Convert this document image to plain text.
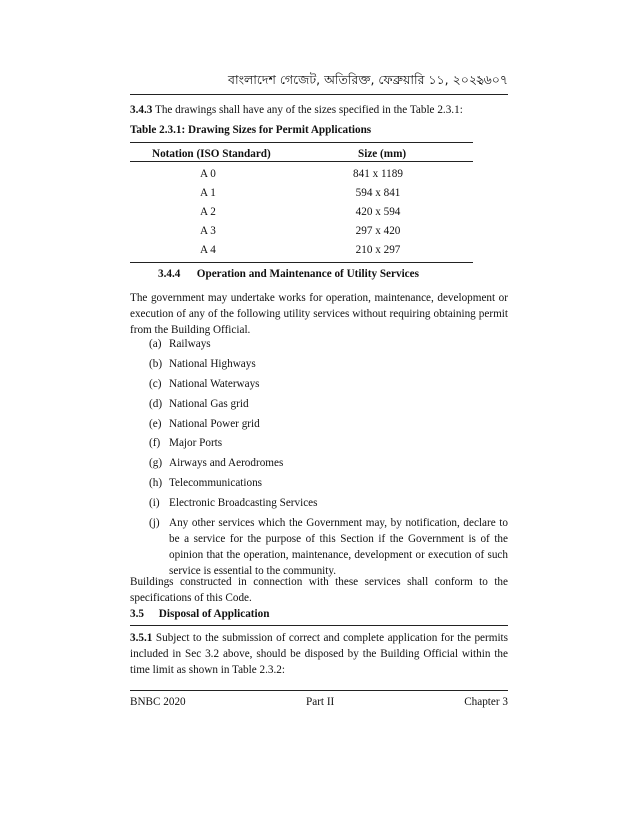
বাংলাদেশ গেজেট, অতিরিক্ত, ফেব্রুয়ারি ১১, ২০২১
২৬০৭
3.4.3 The drawings shall have any of the sizes specified in the Table 2.3.1:
Table 2.3.1: Drawing Sizes for Permit Applications
Notation (ISO Standard)	Size (mm)
A 0	841 x 1189
A 1	594 x 841
A 2	420 x 594
A 3	297 x 420
A 4	210 x 297
3.4.4 Operation and Maintenance of Utility Services
The government may undertake works for operation, maintenance, development or execution of any of the following utility services without requiring obtaining permit from the Building Official.
(a) Railways
(b) National Highways
(c) National Waterways
(d) National Gas grid
(e) National Power grid
(f) Major Ports
(g) Airways and Aerodromes
(h) Telecommunications
(i) Electronic Broadcasting Services
(j) Any other services which the Government may, by notification, declare to be a service for the purpose of this Section if the Government is of the opinion that the operation, maintenance, development or execution of such service is essential to the community.
Buildings constructed in connection with these services shall conform to the specifications of this Code.
3.5 Disposal of Application
3.5.1 Subject to the submission of correct and complete application for the permits included in Sec 3.2 above, should be disposed by the Building Official within the time limit as shown in Table 2.3.2:
BNBC 2020	Part II	Chapter 3
